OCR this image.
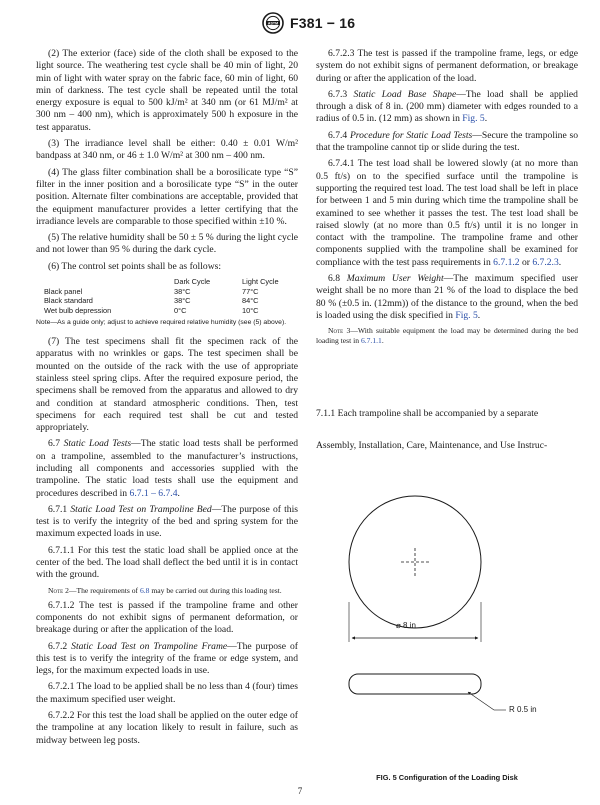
ASTM F381 − 16

(2) The exterior (face) side of the cloth shall be exposed to the light source. The weathering test cycle shall be 40 min of light, 20 min of light with water spray on the fabric face, 60 min of light, 60 min of darkness. The test cycle shall be repeated until the total energy exposure is equal to 500 kJ/m² at 340 nm (or 61 MJ/m² at 300 nm – 400 nm), which is approximately 500 h exposure in the test apparatus.

(3) The irradiance level shall be either: 0.40 ± 0.01 W/m² bandpass at 340 nm, or 46 ± 1.0 W/m² at 300 nm – 400 nm.

(4) The glass filter combination shall be a borosilicate type “S” filter in the inner position and a borosilicate type “S” in the outer position. Alternate filter combinations are acceptable, provided that the equipment manufacturer provides a letter certifying that the irradiance levels are comparable to those specified within ±10 %.

(5) The relative humidity shall be 50 ± 5 % during the light cycle and not lower than 95 % during the dark cycle.

(6) The control set points shall be as follows:

	Dark Cycle	Light Cycle
Black panel	38°C	77°C
Black standard	38°C	84°C
Wet bulb depression	0°C	10°C
Note—As a guide only; adjust to achieve required relative humidity (see (5) above).

(7) The test specimens shall fit the specimen rack of the apparatus with no wrinkles or gaps. The test specimen shall be mounted on the outside of the rack with the use of appropriate stainless steel spring clips. After the required exposure period, the specimens shall be removed from the apparatus and allowed to dry and condition at standard atmospheric conditions. Then, test specimens for each required test shall be cut and tested appropriately.

6.7 Static Load Tests—The static load tests shall be performed on a trampoline, assembled to the manufacturer’s instructions, including all components and accessories supplied with the trampoline. The static load tests shall use the equipment and procedures described in 6.7.1 – 6.7.4.

6.7.1 Static Load Test on Trampoline Bed—The purpose of this test is to verify the integrity of the bed and spring system for the maximum expected loads in use.

6.7.1.1 For this test the static load shall be applied once at the center of the bed. The load shall deflect the bed until it is in contact with the ground.

Note 2—The requirements of 6.8 may be carried out during this loading test.

6.7.1.2 The test is passed if the trampoline frame and other components do not exhibit signs of permanent deformation, or breakage during or after the application of the load.

6.7.2 Static Load Test on Trampoline Frame—The purpose of this test is to verify the integrity of the frame or edge system, and legs, for the maximum expected loads in use.

6.7.2.1 The load to be applied shall be no less than 4 (four) times the maximum specified user weight.

6.7.2.2 For this test the load shall be applied on the outer edge of the trampoline at any location likely to result in failure, such as midway between leg posts.

6.7.2.3 The test is passed if the trampoline frame, legs, or edge system do not exhibit signs of permanent deformation, or breakage during or after the application of the load.

6.7.3 Static Load Base Shape—The load shall be applied through a disk of 8 in. (200 mm) diameter with edges rounded to a radius of 0.5 in. (12 mm) as shown in Fig. 5.

6.7.4 Procedure for Static Load Tests—Secure the trampoline so that the trampoline cannot tip or slide during the test.

6.7.4.1 The test load shall be lowered slowly (at no more than 0.5 ft/s) on to the specified surface until the trampoline is supporting the required test load. The test load shall be left in place for between 1 and 5 min during which time the trampoline shall be examined to see whether it passes the test. The test load shall be raised slowly (at no more than 0.5 ft/s) until it is no longer in contact with the trampoline. The trampoline frame and other components supplied with the trampoline shall be examined for compliance with the test pass requirements in 6.7.1.2 or 6.7.2.3.

6.8 Maximum User Weight—The maximum specified user weight shall be no more than 21 % of the load to displace the bed 80 % (±0.5 in. (12mm)) of the distance to the ground, when the bed is loaded using the disk specified in Fig. 5.

Note 3—With suitable equipment the load may be determined during the bed loading test in 6.7.1.1.

7.1.1 Each trampoline shall be accompanied by a separate
Assembly, Installation, Care, Maintenance, and Use Instruc-
⌀ 8 in
R 0.5 in
FIG. 5 Configuration of the Loading Disk
7
